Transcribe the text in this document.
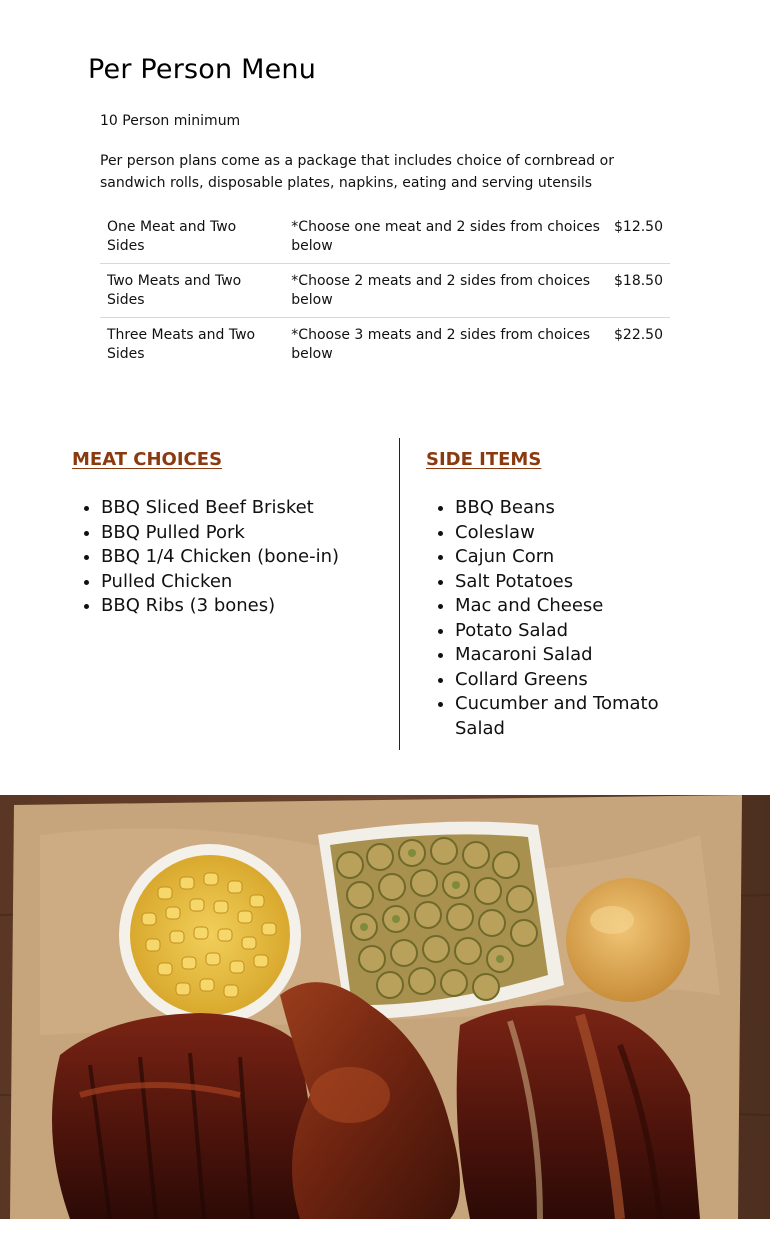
Per Person Menu
10 Person minimum
Per person plans come as a package that includes choice of cornbread or sandwich rolls, disposable plates, napkins, eating and serving utensils
One Meat and Two Sides	*Choose one meat and 2 sides from choices below	$12.50
Two Meats and Two Sides	*Choose 2 meats and 2 sides from choices below	$18.50
Three Meats and Two Sides	*Choose 3 meats and 2 sides from choices below	$22.50
MEAT CHOICES
• BBQ Sliced Beef Brisket
• BBQ Pulled Pork
• BBQ 1/4 Chicken (bone-in)
• Pulled Chicken
• BBQ Ribs (3 bones)
SIDE ITEMS
• BBQ Beans
• Coleslaw
• Cajun Corn
• Salt Potatoes
• Mac and Cheese
• Potato Salad
• Macaroni Salad
• Collard Greens
• Cucumber and Tomato Salad
